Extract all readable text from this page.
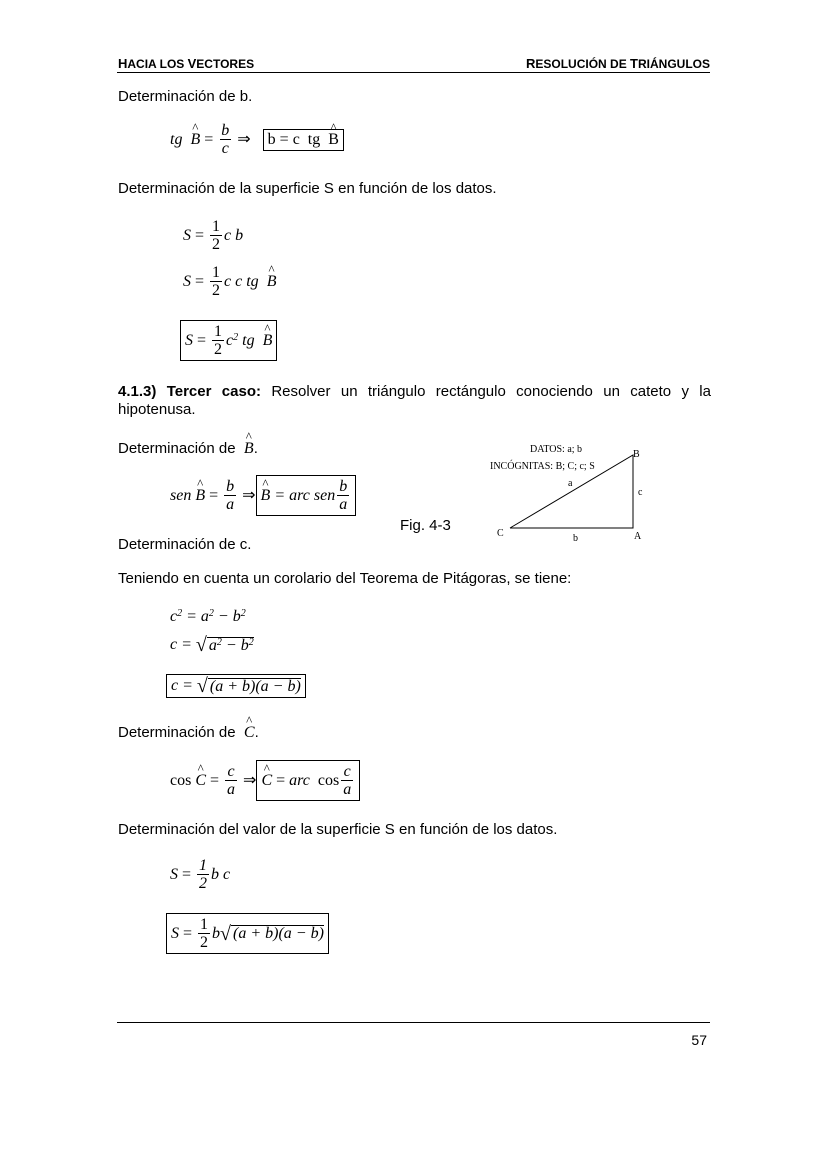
HACIA LOS VECTORES	RESOLUCIÓN DE TRIÁNGULOS
Determinación de b.
tg  ^ $B = \frac{b}{c}$ ⇒ b = c  tg ^ B
Determinación de la superficie S en función de los datos.
$S = \frac{1}{2}$ c b
$S = \frac{1}{2}$ c c tg  ^ B
$S = \frac{1}{2} c^2$ tg  ^ B
4.1.3) Tercer caso: Resolver un triángulo rectángulo conociendo un cateto y la hipotenusa.
Determinación de ^ B.
sen ^ $B = \frac{b}{a}$ ⇒ ^ B = arc sen $\frac{b}{a}$
Fig. 4-3
DATOS: a; b
INCÓGNITAS: B; C; c; S
B
A
C
a
c
b
Determinación de c.
Teniendo en cuenta un corolario del Teorema de Pitágoras, se tiene:
$c^2 = a^2 - b^2$
c = √ $a^2 - b^2$
c = √ (a + b)(a − b)
Determinación de ^ C.
cos ^ $C = \frac{c}{a}$ ⇒ ^ C = arc $\cos \frac{c}{a}$
Determinación del valor de la superficie S en función de los datos.
$S = \frac{1}{2}$ b c
$S = \frac{1}{2}$ b √ (a + b)(a − b)
57
